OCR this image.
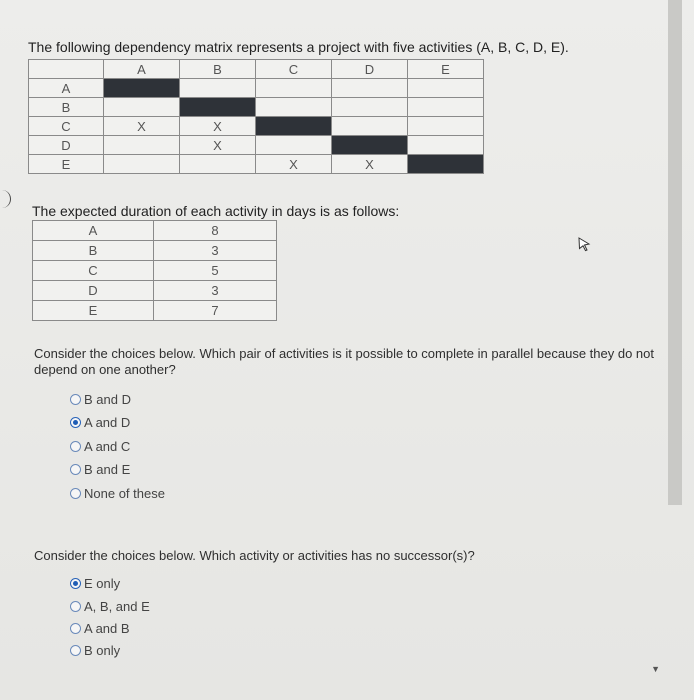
▼
The following dependency matrix represents a project with five activities (A, B, C, D, E).
	A	B	C	D	E
A					
B					
C	X	X			
D		X			
E			X	X	
The expected duration of each activity in days is as follows:
A	8
B	3
C	5
D	3
E	7
Consider the choices below. Which pair of activities is it possible to complete in parallel because they do not depend on one another?
B and D
A and D
A and C
B and E
None of these
Consider the choices below. Which activity or activities has no successor(s)?
E only
A, B, and E
A and B
B only
